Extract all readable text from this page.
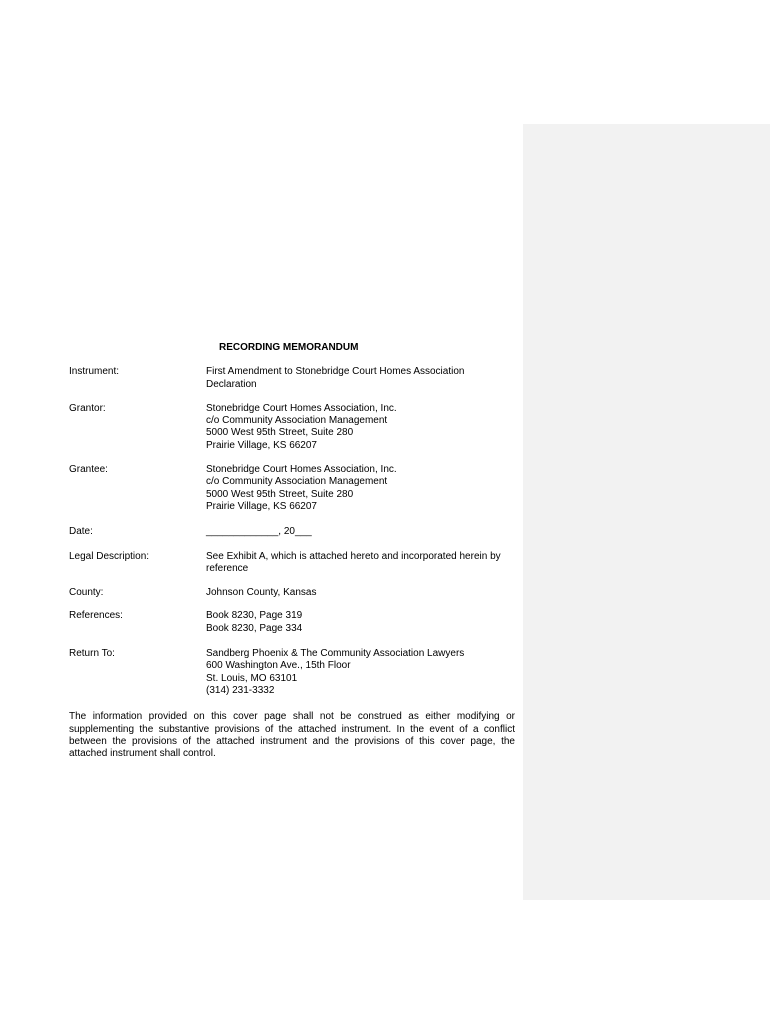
RECORDING MEMORANDUM
Instrument:	First Amendment to Stonebridge Court Homes Association
Declaration
Grantor:	Stonebridge Court Homes Association, Inc.
c/o Community Association Management
5000 West 95th Street, Suite 280
Prairie Village, KS 66207
Grantee:	Stonebridge Court Homes Association, Inc.
c/o Community Association Management
5000 West 95th Street, Suite 280
Prairie Village, KS 66207
Date:	_____________, 20___
Legal Description:	See Exhibit A, which is attached hereto and incorporated herein by reference
County:	Johnson County, Kansas
References:	Book 8230, Page 319
Book 8230, Page 334
Return To:	Sandberg Phoenix & The Community Association Lawyers
600 Washington Ave., 15th Floor
St. Louis, MO 63101
(314) 231-3332
The information provided on this cover page shall not be construed as either modifying or supplementing the substantive provisions of the attached instrument. In the event of a conflict between the provisions of the attached instrument and the provisions of this cover page, the attached instrument shall control.
